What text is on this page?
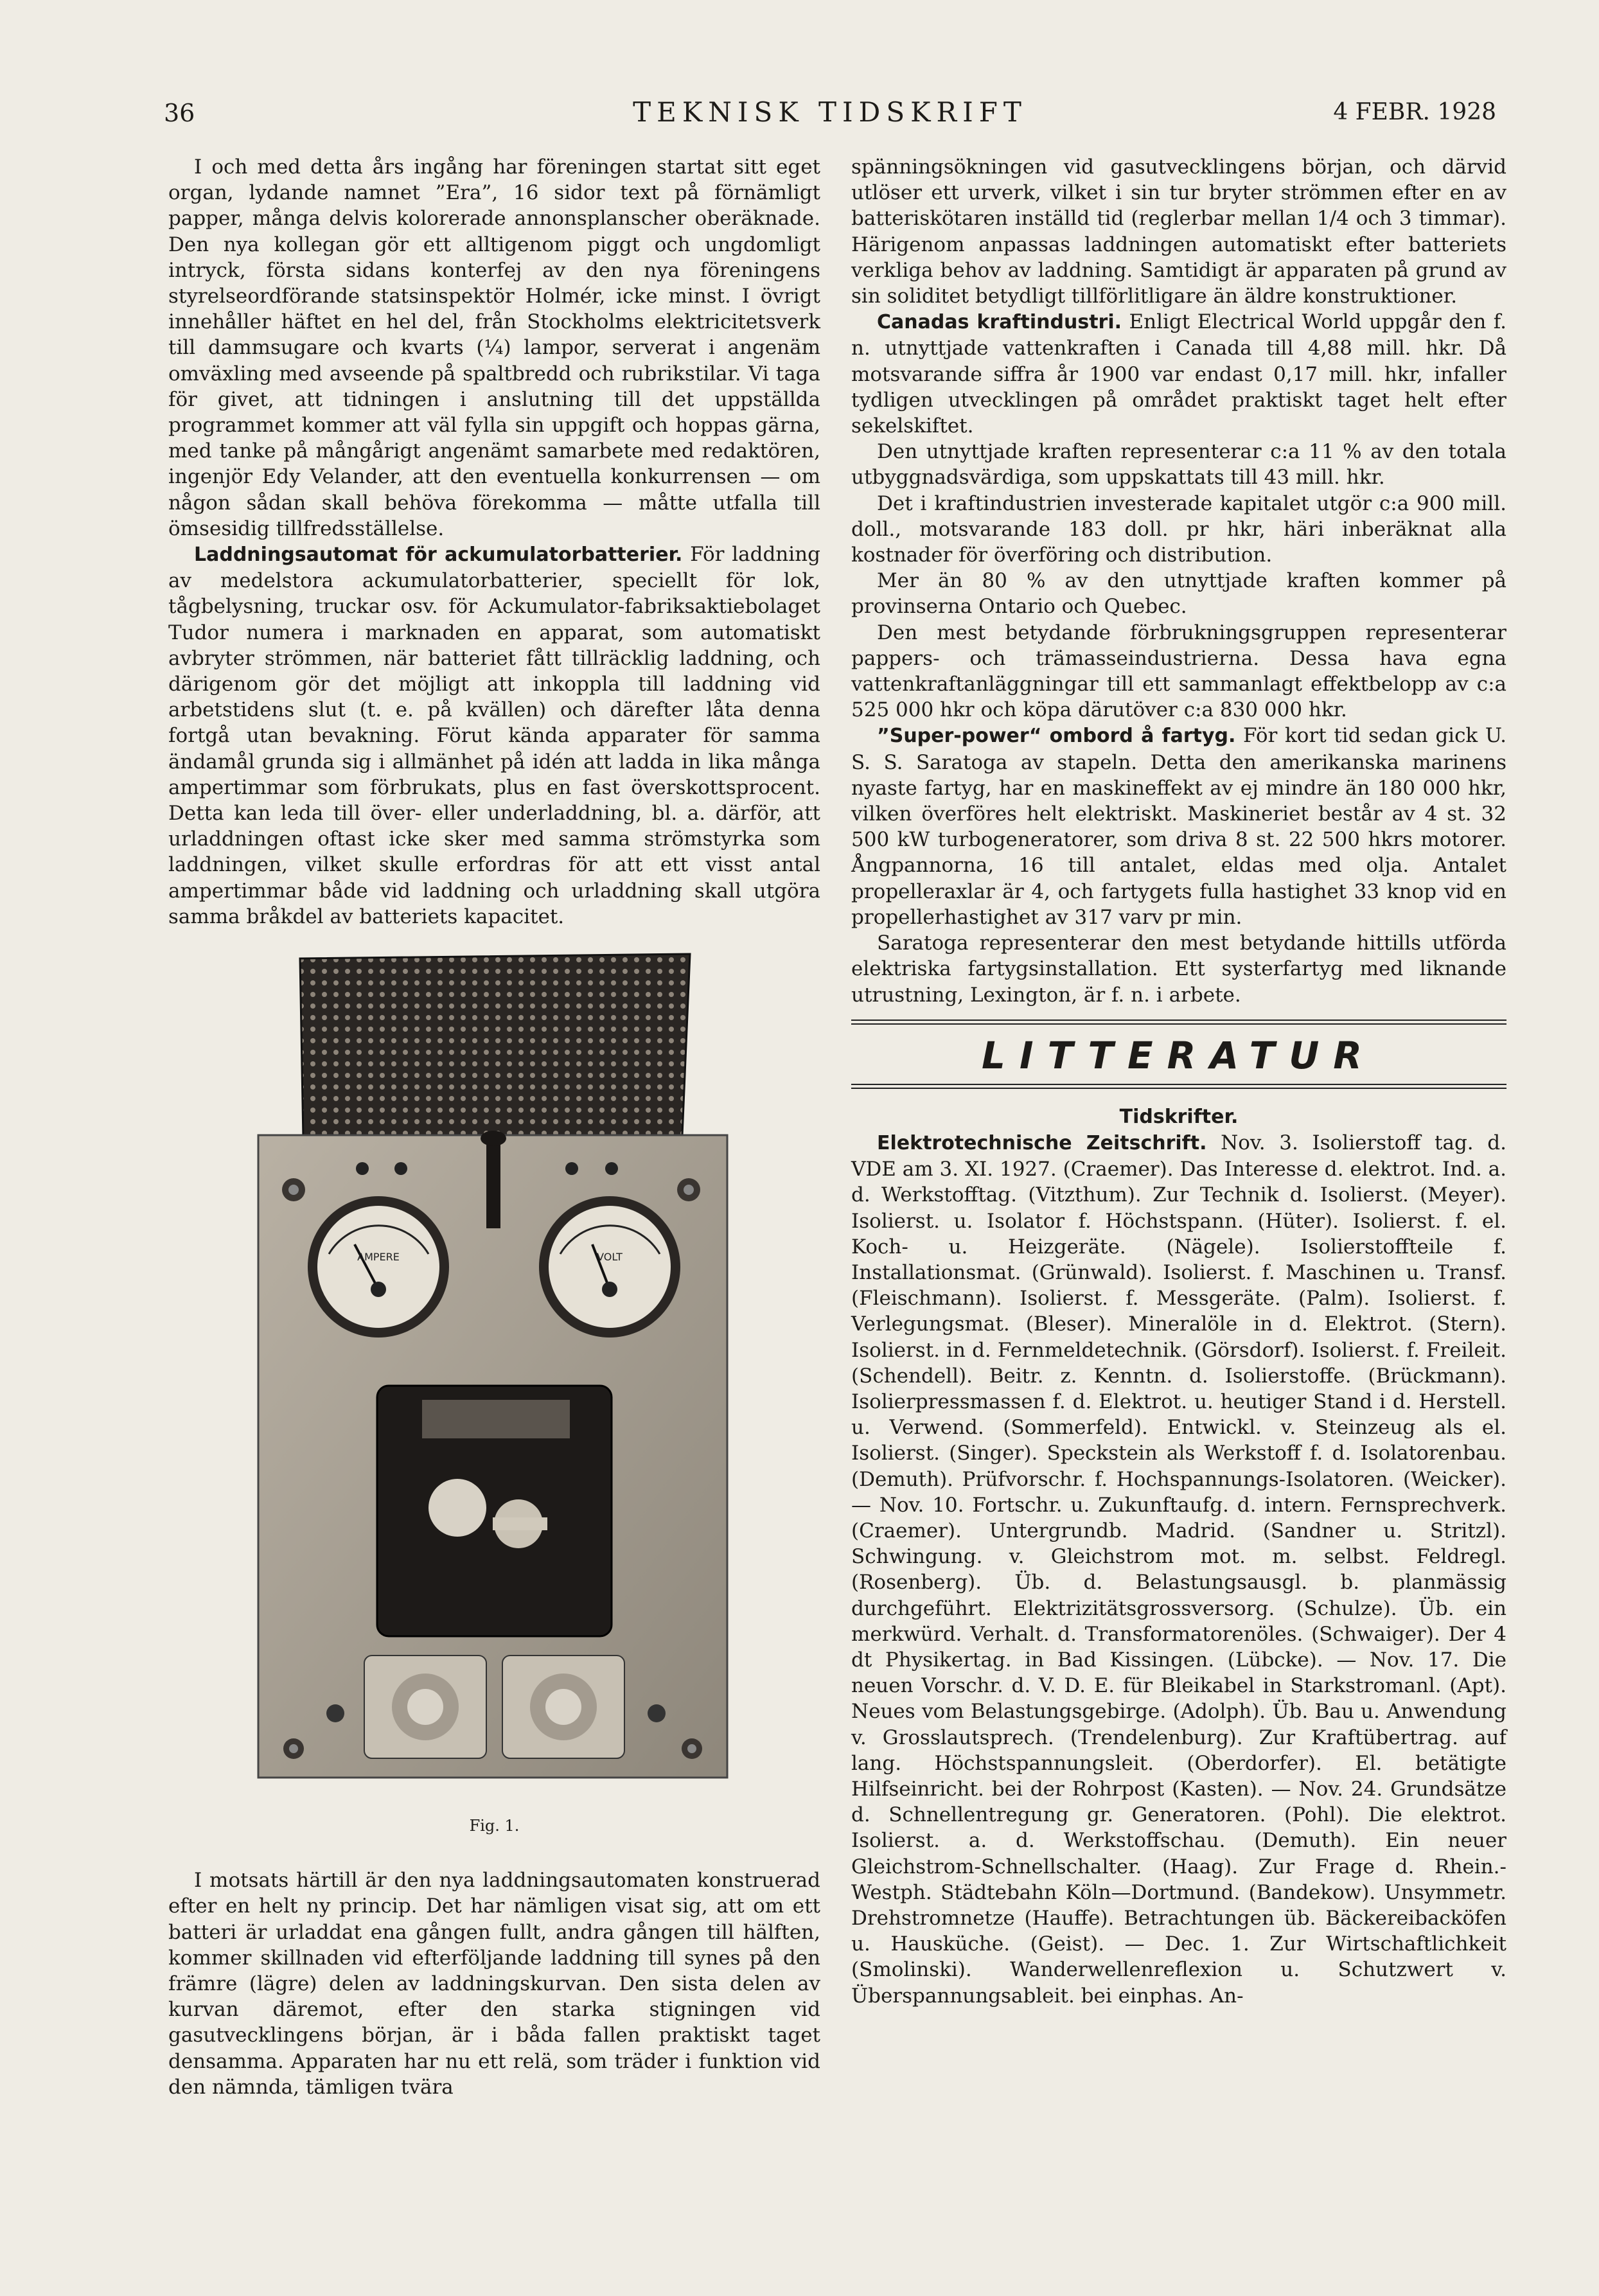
36	TEKNISK TIDSKRIFT	4 FEBR. 1928

I och med detta års ingång har föreningen startat sitt eget organ, lydande namnet ”Era”, 16 sidor text på förnämligt papper, många delvis kolorerade annonsplanscher oberäknade. Den nya kollegan gör ett alltigenom piggt och ungdomligt intryck, första sidans konterfej av den nya föreningens styrelseordförande statsinspektör Holmér, icke minst. I övrigt innehåller häftet en hel del, från Stockholms elektricitetsverk till dammsugare och kvarts (¼) lampor, serverat i angenäm omväxling med avseende på spaltbredd och rubrikstilar. Vi taga för givet, att tidningen i anslutning till det uppställda programmet kommer att väl fylla sin uppgift och hoppas gärna, med tanke på mångårigt angenämt samarbete med redaktören, ingenjör Edy Velander, att den eventuella konkurrensen — om någon sådan skall behöva förekomma — måtte utfalla till ömsesidig tillfredsställelse.

Laddningsautomat för ackumulatorbatterier. För laddning av medelstora ackumulatorbatterier, speciellt för lok, tågbelysning, truckar osv. för Ackumulator-fabriksaktiebolaget Tudor numera i marknaden en apparat, som automatiskt avbryter strömmen, när batteriet fått tillräcklig laddning, och därigenom gör det möjligt att inkoppla till laddning vid arbetstidens slut (t. e. på kvällen) och därefter låta denna fortgå utan bevakning. Förut kända apparater för samma ändamål grunda sig i allmänhet på idén att ladda in lika många ampertimmar som förbrukats, plus en fast överskottsprocent. Detta kan leda till över- eller underladdning, bl. a. därför, att urladdningen oftast icke sker med samma strömstyrka som laddningen, vilket skulle erfordras för att ett visst antal ampertimmar både vid laddning och urladdning skall utgöra samma bråkdel av batteriets kapacitet.

AMPERE	VOLT
Fig. 1.

I motsats härtill är den nya laddningsautomaten konstruerad efter en helt ny princip. Det har nämligen visat sig, att om ett batteri är urladdat ena gången fullt, andra gången till hälften, kommer skillnaden vid efterföljande laddning till synes på den främre (lägre) delen av laddningskurvan. Den sista delen av kurvan däremot, efter den starka stigningen vid gasutvecklingens början, är i båda fallen praktiskt taget densamma. Apparaten har nu ett relä, som träder i funktion vid den nämnda, tämligen tvära

spänningsökningen vid gasutvecklingens början, och därvid utlöser ett urverk, vilket i sin tur bryter strömmen efter en av batteriskötaren inställd tid (reglerbar mellan 1/4 och 3 timmar). Härigenom anpassas laddningen automatiskt efter batteriets verkliga behov av laddning. Samtidigt är apparaten på grund av sin soliditet betydligt tillförlitligare än äldre konstruktioner.

Canadas kraftindustri. Enligt Electrical World uppgår den f. n. utnyttjade vattenkraften i Canada till 4,88 mill. hkr. Då motsvarande siffra år 1900 var endast 0,17 mill. hkr, infaller tydligen utvecklingen på området praktiskt taget helt efter sekelskiftet.

Den utnyttjade kraften representerar c:a 11 % av den totala utbyggnadsvärdiga, som uppskattats till 43 mill. hkr.

Det i kraftindustrien investerade kapitalet utgör c:a 900 mill. doll., motsvarande 183 doll. pr hkr, häri inberäknat alla kostnader för överföring och distribution.

Mer än 80 % av den utnyttjade kraften kommer på provinserna Ontario och Quebec.

Den mest betydande förbrukningsgruppen representerar pappers- och trämasseindustrierna. Dessa hava egna vattenkraftanläggningar till ett sammanlagt effektbelopp av c:a 525 000 hkr och köpa därutöver c:a 830 000 hkr.

”Super-power“ ombord å fartyg. För kort tid sedan gick U. S. S. Saratoga av stapeln. Detta den amerikanska marinens nyaste fartyg, har en maskineffekt av ej mindre än 180 000 hkr, vilken överföres helt elektriskt. Maskineriet består av 4 st. 32 500 kW turbogeneratorer, som driva 8 st. 22 500 hkrs motorer. Ångpannorna, 16 till antalet, eldas med olja. Antalet propelleraxlar är 4, och fartygets fulla hastighet 33 knop vid en propellerhastighet av 317 varv pr min.

Saratoga representerar den mest betydande hittills utförda elektriska fartygsinstallation. Ett systerfartyg med liknande utrustning, Lexington, är f. n. i arbete.

LITTERATUR
Tidskrifter.

Elektrotechnische Zeitschrift. Nov. 3. Isolierstoff tag. d. VDE am 3. XI. 1927. (Craemer). Das Interesse d. elektrot. Ind. a. d. Werkstofftag. (Vitzthum). Zur Technik d. Isolierst. (Meyer). Isolierst. u. Isolator f. Höchstspann. (Hüter). Isolierst. f. el. Koch- u. Heizgeräte. (Nägele). Isolierstoffteile f. Installationsmat. (Grünwald). Isolierst. f. Maschinen u. Transf. (Fleischmann). Isolierst. f. Messgeräte. (Palm). Isolierst. f. Verlegungsmat. (Bleser). Mineralöle in d. Elektrot. (Stern). Isolierst. in d. Fernmeldetechnik. (Görsdorf). Isolierst. f. Freileit. (Schendell). Beitr. z. Kenntn. d. Isolierstoffe. (Brückmann). Isolierpressmassen f. d. Elektrot. u. heutiger Stand i d. Herstell. u. Verwend. (Sommerfeld). Entwickl. v. Steinzeug als el. Isolierst. (Singer). Speckstein als Werkstoff f. d. Isolatorenbau. (Demuth). Prüfvorschr. f. Hochspannungs-Isolatoren. (Weicker). — Nov. 10. Fortschr. u. Zukunftaufg. d. intern. Fernsprechverk. (Craemer). Untergrundb. Madrid. (Sandner u. Stritzl). Schwingung. v. Gleichstrom mot. m. selbst. Feldregl. (Rosenberg). Üb. d. Belastungsausgl. b. planmässig durchgeführt. Elektrizitätsgrossversorg. (Schulze). Üb. ein merkwürd. Verhalt. d. Transformatorenöles. (Schwaiger). Der 4 dt Physikertag. in Bad Kissingen. (Lübcke). — Nov. 17. Die neuen Vorschr. d. V. D. E. für Bleikabel in Starkstromanl. (Apt). Neues vom Belastungsgebirge. (Adolph). Üb. Bau u. Anwendung v. Grosslautsprech. (Trendelenburg). Zur Kraftübertrag. auf lang. Höchstspannungsleit. (Oberdorfer). El. betätigte Hilfseinricht. bei der Rohrpost (Kasten). — Nov. 24. Grundsätze d. Schnellentregung gr. Generatoren. (Pohl). Die elektrot. Isolierst. a. d. Werkstoffschau. (Demuth). Ein neuer Gleichstrom-Schnellschalter. (Haag). Zur Frage d. Rhein.-Westph. Städtebahn Köln—Dortmund. (Bandekow). Unsymmetr. Drehstromnetze (Hauffe). Betrachtungen üb. Bäckereibacköfen u. Hausküche. (Geist). — Dec. 1. Zur Wirtschaftlichkeit (Smolinski). Wanderwellenreflexion u. Schutzwert v. Überspannungsableit. bei einphas. An-
